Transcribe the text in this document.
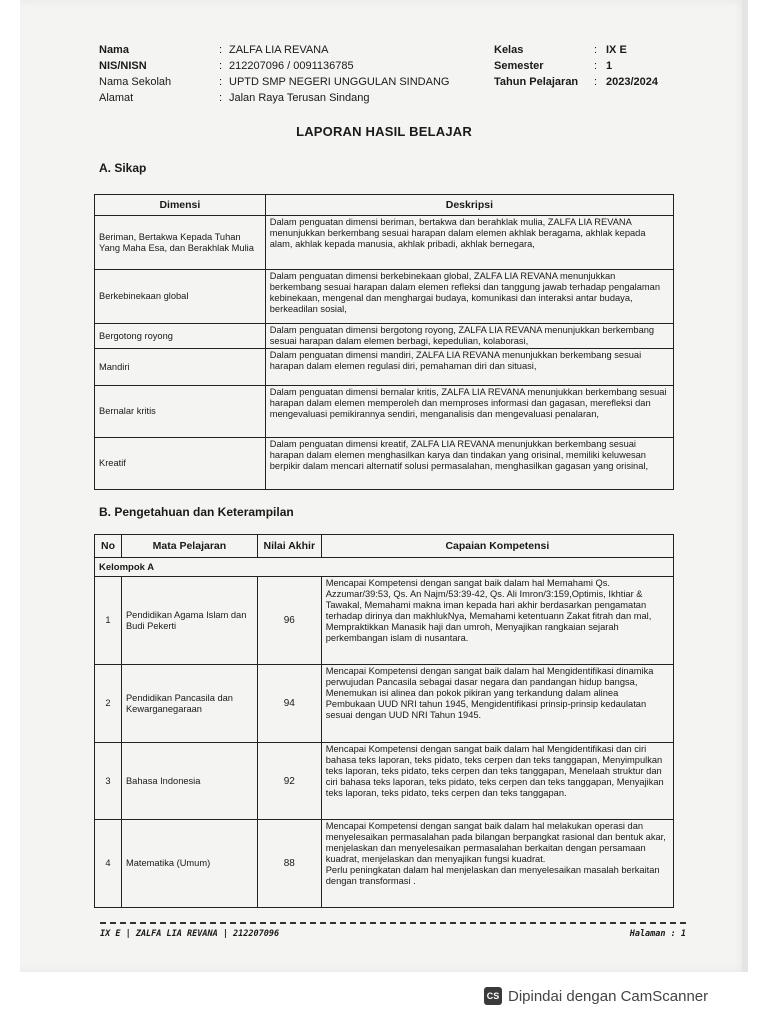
Nama	: ZALFA LIA REVANA
NIS/NISN	: 212207096 / 0091136785
Nama Sekolah	: UPTD SMP NEGERI UNGGULAN SINDANG
Alamat	: Jalan Raya Terusan Sindang
Kelas	: IX E
Semester	: 1
Tahun Pelajaran	: 2023/2024
LAPORAN HASIL BELAJAR
A. Sikap
Dimensi	Deskripsi
Beriman, Bertakwa Kepada Tuhan Yang Maha Esa, dan Berakhlak Mulia	Dalam penguatan dimensi beriman, bertakwa dan berahklak mulia, ZALFA LIA REVANA menunjukkan berkembang sesuai harapan dalam elemen akhlak beragama, akhlak kepada alam, akhlak kepada manusia, akhlak pribadi, akhlak bernegara,
Berkebinekaan global	Dalam penguatan dimensi berkebinekaan global, ZALFA LIA REVANA menunjukkan berkembang sesuai harapan dalam elemen refleksi dan tanggung jawab terhadap pengalaman kebinekaan, mengenal dan menghargai budaya, komunikasi dan interaksi antar budaya, berkeadilan sosial,
Bergotong royong	Dalam penguatan dimensi bergotong royong, ZALFA LIA REVANA menunjukkan berkembang sesuai harapan dalam elemen berbagi, kepedulian, kolaborasi,
Mandiri	Dalam penguatan dimensi mandiri, ZALFA LIA REVANA menunjukkan berkembang sesuai harapan dalam elemen regulasi diri, pemahaman diri dan situasi,
Bernalar kritis	Dalam penguatan dimensi bernalar kritis, ZALFA LIA REVANA menunjukkan berkembang sesuai harapan dalam elemen memperoleh dan memproses informasi dan gagasan, merefleksi dan mengevaluasi pemikirannya sendiri, menganalisis dan mengevaluasi penalaran,
Kreatif	Dalam penguatan dimensi kreatif, ZALFA LIA REVANA menunjukkan berkembang sesuai harapan dalam elemen menghasilkan karya dan tindakan yang orisinal, memiliki keluwesan berpikir dalam mencari alternatif solusi permasalahan, menghasilkan gagasan yang orisinal,
B. Pengetahuan dan Keterampilan
No	Mata Pelajaran	Nilai Akhir	Capaian Kompetensi
Kelompok A			
1	Pendidikan Agama Islam dan Budi Pekerti	96	Mencapai Kompetensi dengan sangat baik dalam hal Memahami Qs. Azzumar/39:53, Qs. An Najm/53:39-42, Qs. Ali Imron/3:159,Optimis, Ikhtiar & Tawakal, Memahami makna iman kepada hari akhir berdasarkan pengamatan terhadap dirinya dan makhlukNya, Memahami ketentuann Zakat fitrah dan mal, Mempraktikkan Manasik haji dan umroh, Menyajikan rangkaian sejarah perkembangan islam di nusantara.
2	Pendidikan Pancasila dan Kewarganegaraan	94	Mencapai Kompetensi dengan sangat baik dalam hal Mengidentifikasi dinamika perwujudan Pancasila sebagai dasar negara dan pandangan hidup bangsa, Menemukan isi alinea dan pokok pikiran yang terkandung dalam alinea Pembukaan UUD NRI tahun 1945, Mengidentifikasi prinsip-prinsip kedaulatan sesuai dengan UUD NRI Tahun 1945.
3	Bahasa Indonesia	92	Mencapai Kompetensi dengan sangat baik dalam hal Mengidentifikasi dan ciri bahasa teks laporan, teks pidato, teks cerpen dan teks tanggapan, Menyimpulkan teks laporan, teks pidato, teks cerpen dan teks tanggapan, Menelaah struktur dan ciri bahasa teks laporan, teks pidato, teks cerpen dan teks tanggapan, Menyajikan teks laporan, teks pidato, teks cerpen dan teks tanggapan.
4	Matematika (Umum)	88	Mencapai Kompetensi dengan sangat baik dalam hal melakukan operasi dan menyelesaikan permasalahan pada bilangan berpangkat rasional dan bentuk akar, menjelaskan dan menyelesaikan permasalahan berkaitan dengan persamaan kuadrat, menjelaskan dan menyajikan fungsi kuadrat.
Perlu peningkatan dalam hal menjelaskan dan menyelesaikan masalah berkaitan dengan transformasi .
IX E | ZALFA LIA REVANA | 212207096	Halaman : 1
CS Dipindai dengan CamScanner
